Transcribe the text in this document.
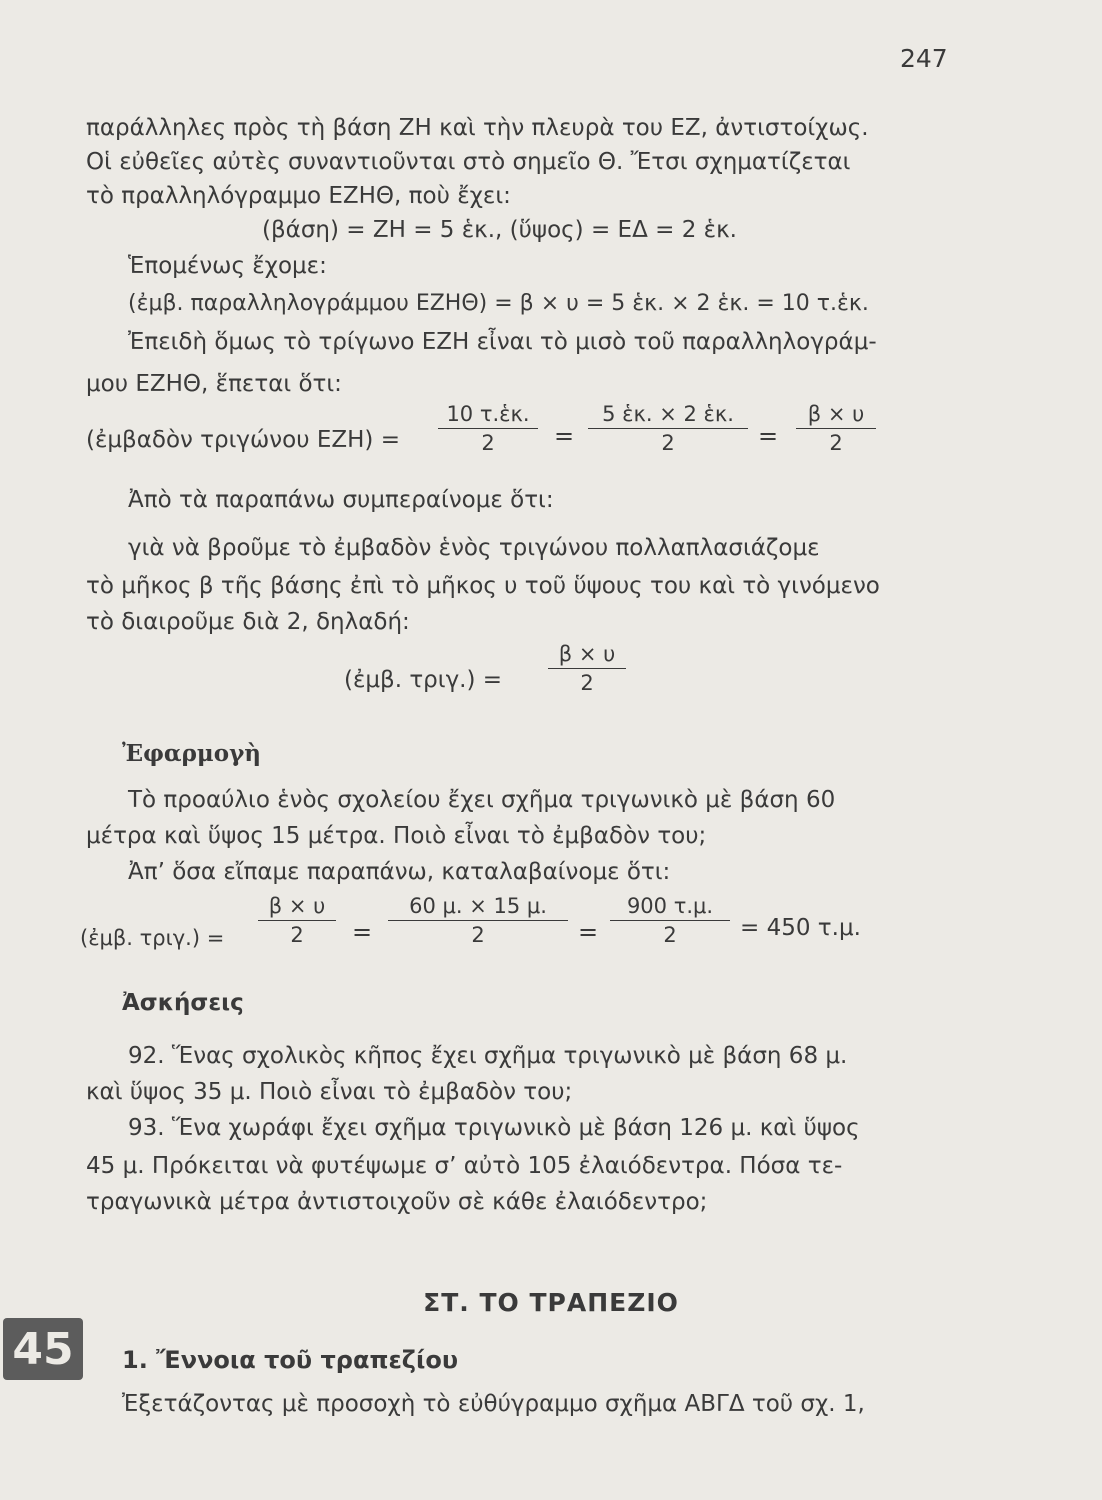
247
παράλληλες πρὸς τὴ βάση ΖΗ καὶ τὴν πλευρὰ του ΕΖ, ἀντιστοίχως.
Οἱ εὐθεῖες αὐτὲς συναντιοῦνται στὸ σημεῖο Θ. Ἔτσι σχηματίζεται
τὸ πραλληλόγραμμο ΕΖΗΘ, ποὺ ἔχει:
(βάση) = ΖΗ = 5 ἑκ., (ὕψος) = ΕΔ = 2 ἑκ.
Ἑπομένως ἔχομε:
(ἐμβ. παραλληλογράμμου ΕΖΗΘ) = β × υ = 5 ἑκ. × 2 ἑκ. = 10 τ.ἑκ.
Ἐπειδὴ ὅμως τὸ τρίγωνο ΕΖΗ εἶναι τὸ μισὸ τοῦ παραλληλογράμ-
μου ΕΖΗΘ, ἕπεται ὅτι:
(ἐμβαδὸν τριγώνου $EZH) = \frac{\text{10 τ.ἑκ.}}{2} = \frac{\text{5 ἑκ. × 2 ἑκ.}}{2} = \frac{\beta \times \upsilon}{2}$
Ἀπὸ τὰ παραπάνω συμπεραίνομε ὅτι:
γιὰ νὰ βροῦμε τὸ ἐμβαδὸν ἑνὸς τριγώνου πολλαπλασιάζομε
τὸ μῆκος β τῆς βάσης ἐπὶ τὸ μῆκος υ τοῦ ὕψους του καὶ τὸ γινόμενο
τὸ διαιροῦμε διὰ 2, δηλαδή:
(ἐμβ. $\tau\rho\iota\gamma.) = \frac{\beta \times \upsilon}{2}$
Ἐφαρμογὴ
Τὸ προαύλιο ἑνὸς σχολείου ἔχει σχῆμα τριγωνικὸ μὲ βάση 60
μέτρα καὶ ὕψος 15 μέτρα. Ποιὸ εἶναι τὸ ἐμβαδὸν του;
Ἀπ’ ὅσα εἴπαμε παραπάνω, καταλαβαίνομε ὅτι:
(ἐμβ. $\tau\rho\iota\gamma.) = \frac{\beta \times \upsilon}{2} = \frac{60 \mu. \times 15 \mu.}{2} = \frac{900 \tau.\mu.}{2} = 450$ τ.μ.
Ἀσκήσεις
92. Ἕνας σχολικὸς κῆπος ἔχει σχῆμα τριγωνικὸ μὲ βάση 68 μ.
καὶ ὕψος 35 μ. Ποιὸ εἶναι τὸ ἐμβαδὸν του;
93. Ἕνα χωράφι ἔχει σχῆμα τριγωνικὸ μὲ βάση 126 μ. καὶ ὕψος
45 μ. Πρόκειται νὰ φυτέψωμε σ’ αὐτὸ 105 ἐλαιόδεντρα. Πόσα τε-
τραγωνικὰ μέτρα ἀντιστοιχοῦν σὲ κάθε ἐλαιόδεντρο;
ΣΤ. ΤΟ ΤΡΑΠΕΖΙΟ
45	1. Ἔννοια τοῦ τραπεζίου
Ἐξετάζοντας μὲ προσοχὴ τὸ εὐθύγραμμο σχῆμα ΑΒΓΔ τοῦ σχ. 1,
